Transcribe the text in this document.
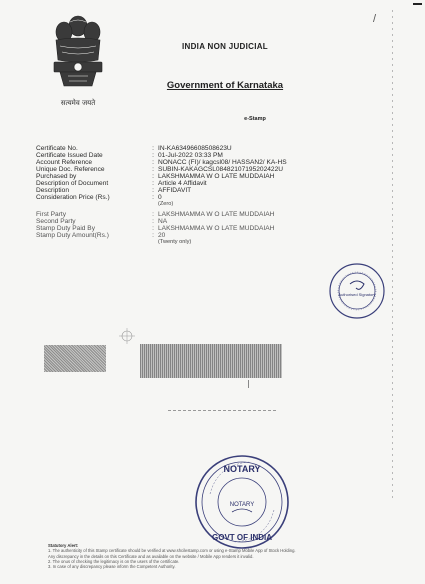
/
सत्यमेव जयते
INDIA NON JUDICIAL
Government of Karnataka
e-Stamp
Certificate No.	: IN-KA63496608508623U
Certificate Issued Date	: 01-Jul-2022 03:33 PM
Account Reference	: NONACC (FI)/ kagcsl08/ HASSAN2/ KA-HS
Unique Doc. Reference	: SUBIN-KAKAGCSL08482107195202422U
Purchased by	: LAKSHMAMMA W O LATE MUDDAIAH
Description of Document	: Article 4 Affidavit
Description	: AFFIDAVIT
Consideration Price (Rs.)	: 0
(Zero)
First Party	: LAKSHMAMMA W O LATE MUDDAIAH
Second Party	: NA
Stamp Duty Paid By	: LAKSHMAMMA W O LATE MUDDAIAH
Stamp Duty Amount(Rs.)	: 20
(Twenty only)
Authorised Signatory
NOTARY
NOTARY
GOVT OF INDIA
Statutory Alert:
1. The authenticity of this Stamp certificate should be verified at www.shcilestamp.com or using e-Stamp Mobile App of Stock Holding.
Any discrepancy in the details on this Certificate and as available on the website / Mobile App renders it invalid.
2. The onus of checking the legitimacy is on the users of the certificate.
3. In case of any discrepancy please inform the Competent Authority.
